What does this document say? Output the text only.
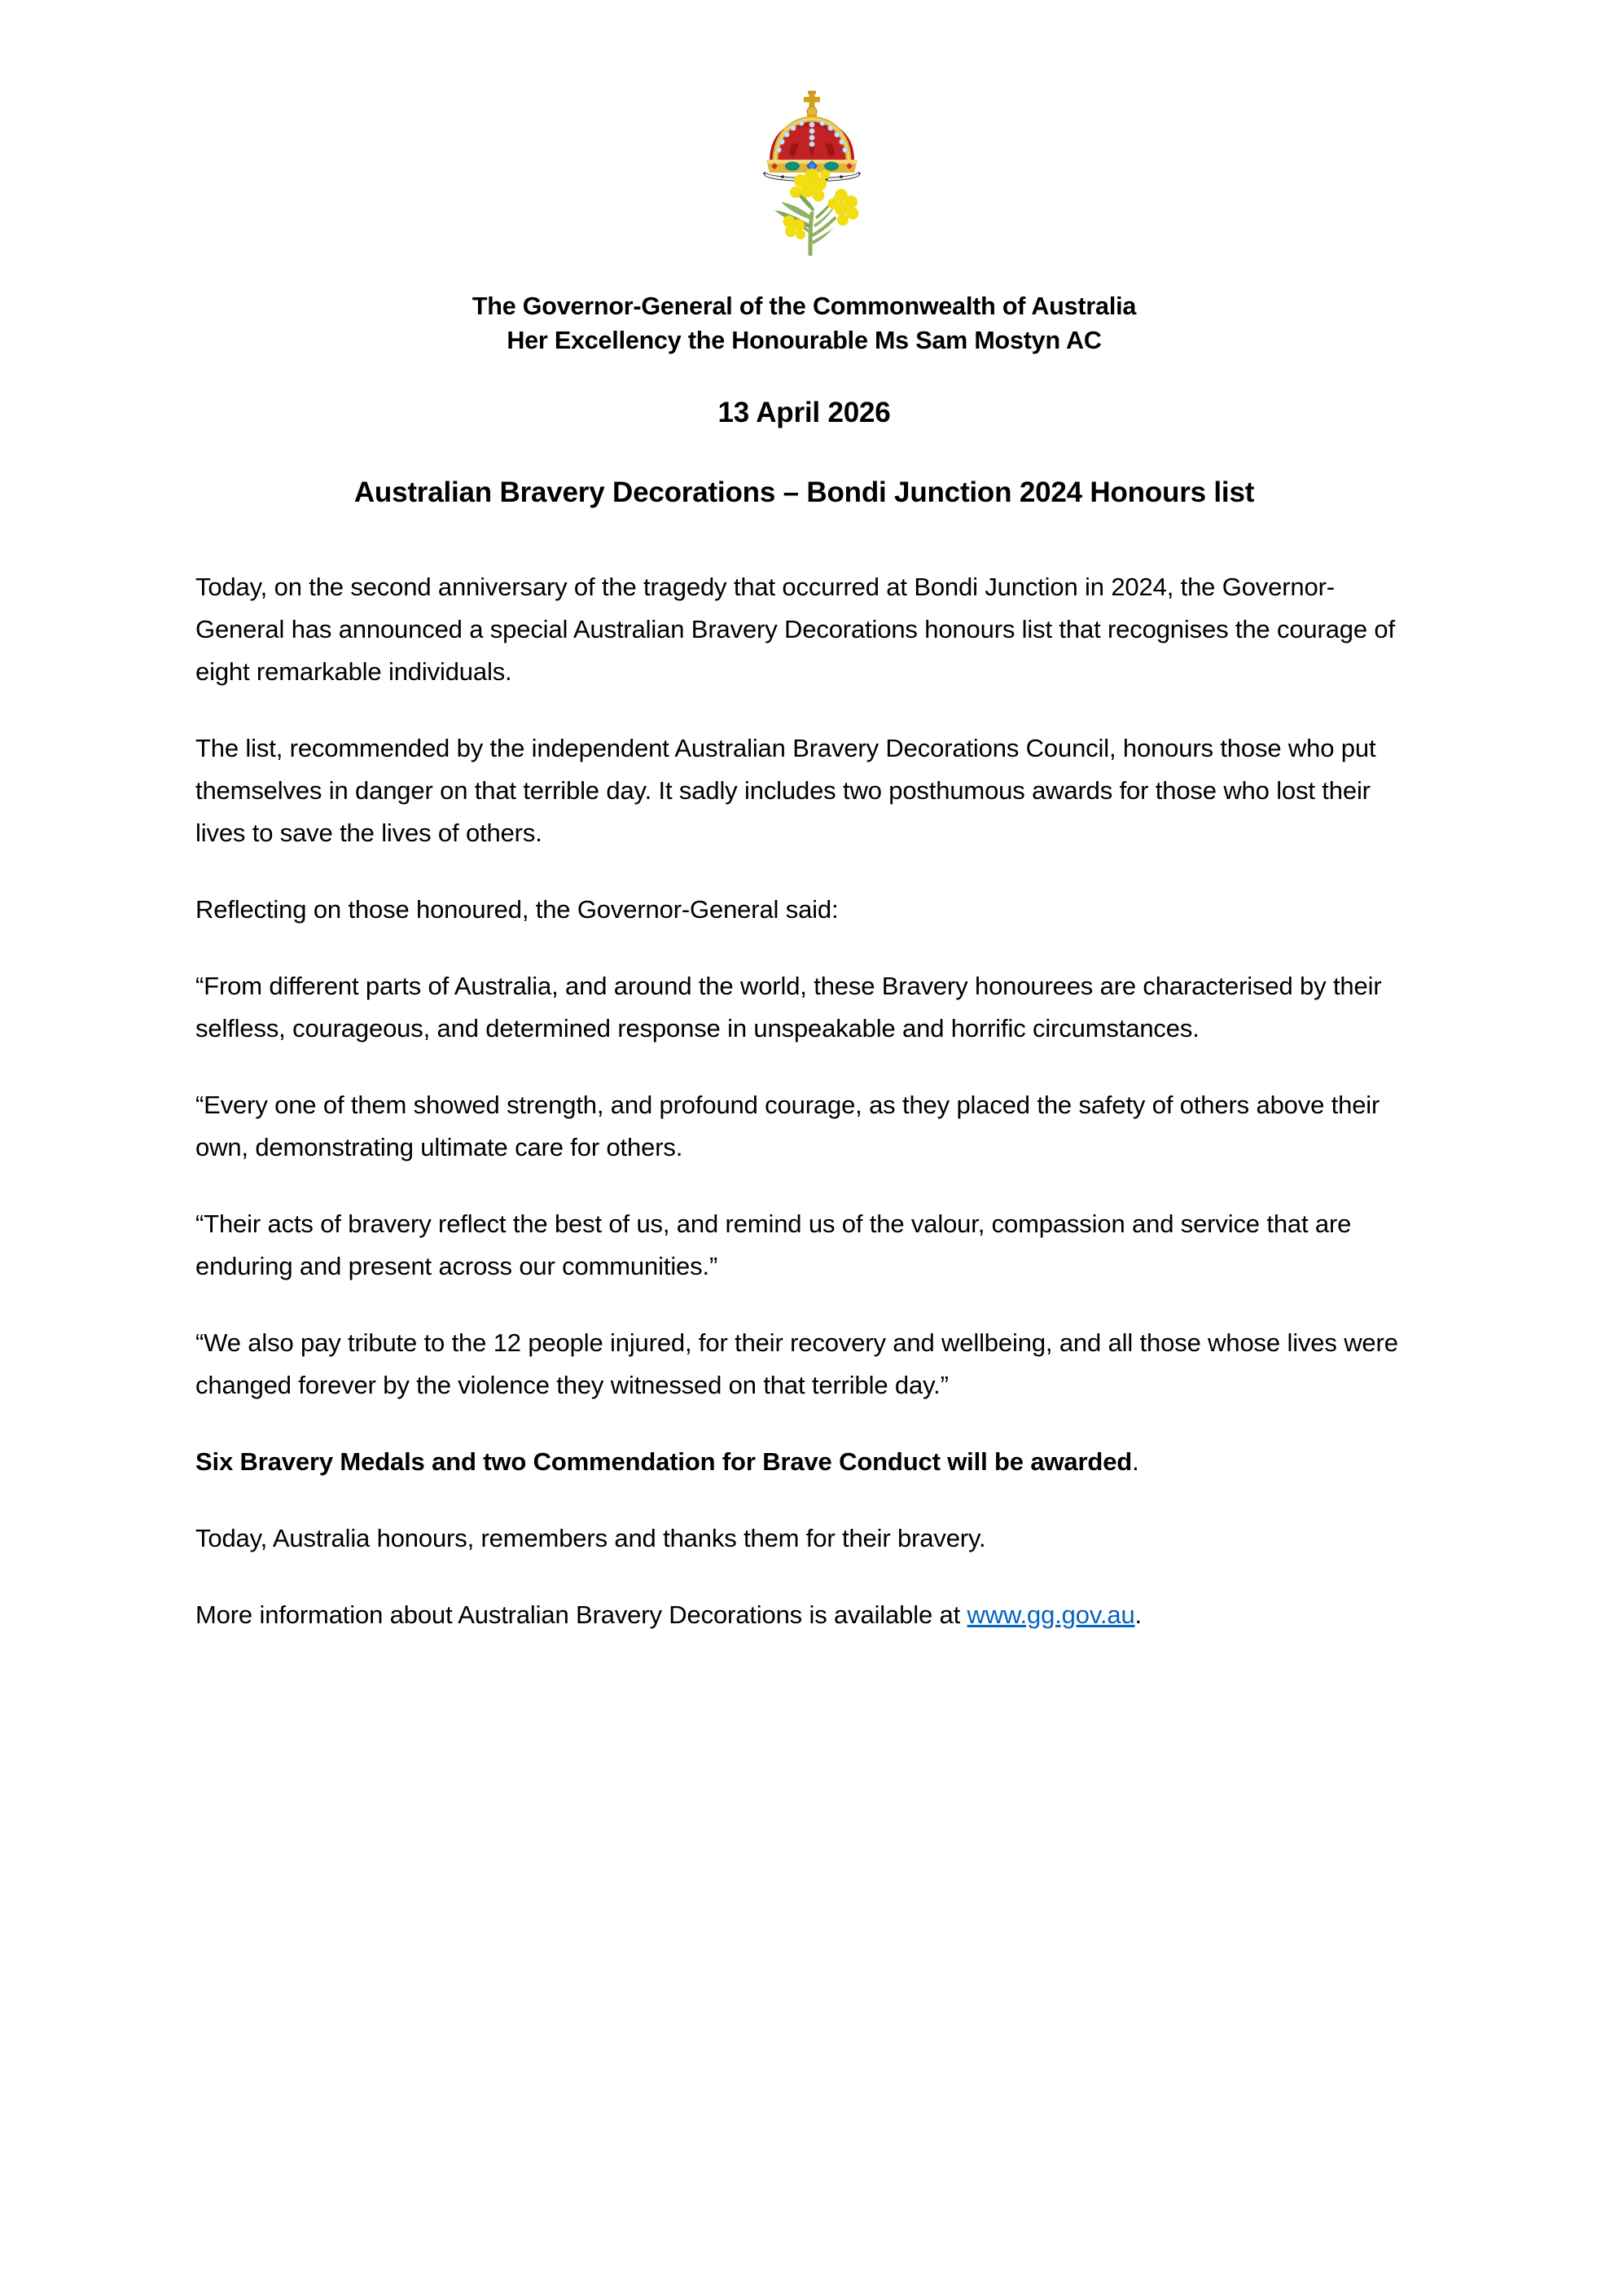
The Governor-General of the Commonwealth of Australia
Her Excellency the Honourable Ms Sam Mostyn AC
13 April 2026
Australian Bravery Decorations – Bondi Junction 2024 Honours list

Today, on the second anniversary of the tragedy that occurred at Bondi Junction in 2024, the Governor-General has announced a special Australian Bravery Decorations honours list that recognises the courage of eight remarkable individuals.

The list, recommended by the independent Australian Bravery Decorations Council, honours those who put themselves in danger on that terrible day. It sadly includes two posthumous awards for those who lost their lives to save the lives of others.

Reflecting on those honoured, the Governor-General said:

“From different parts of Australia, and around the world, these Bravery honourees are characterised by their selfless, courageous, and determined response in unspeakable and horrific circumstances.

“Every one of them showed strength, and profound courage, as they placed the safety of others above their own, demonstrating ultimate care for others.

“Their acts of bravery reflect the best of us, and remind us of the valour, compassion and service that are enduring and present across our communities.”

“We also pay tribute to the 12 people injured, for their recovery and wellbeing, and all those whose lives were changed forever by the violence they witnessed on that terrible day.”

Six Bravery Medals and two Commendation for Brave Conduct will be awarded.

Today, Australia honours, remembers and thanks them for their bravery.

More information about Australian Bravery Decorations is available at www.gg.gov.au.
